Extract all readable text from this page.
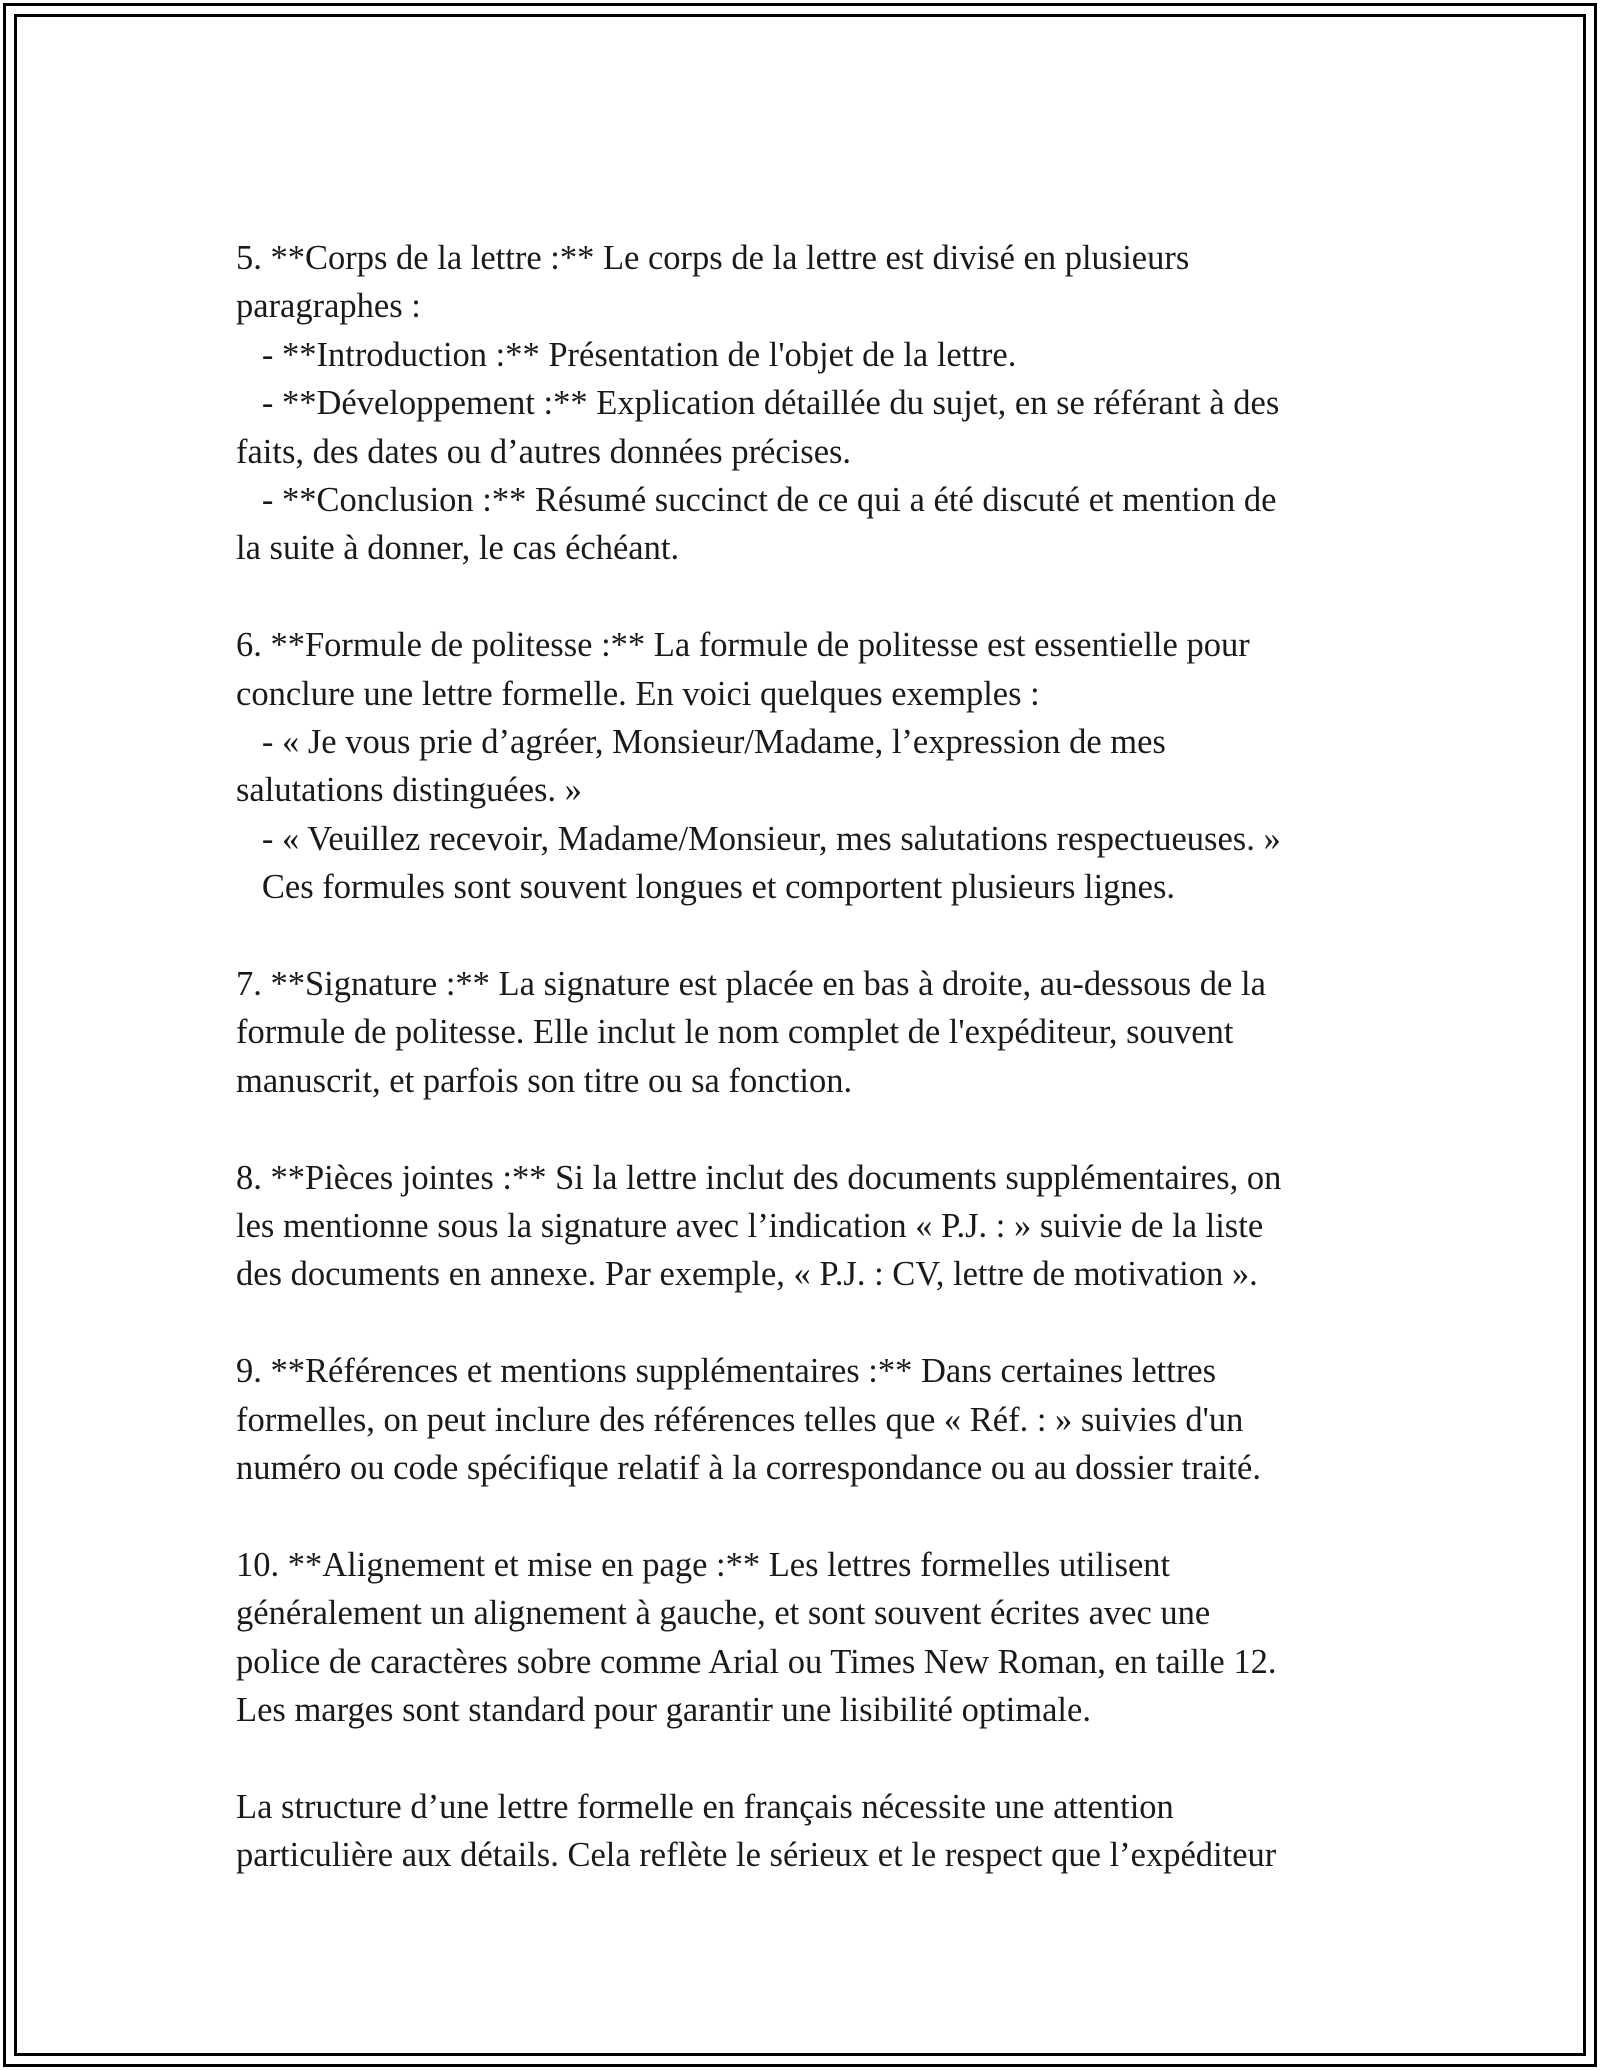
5. **Corps de la lettre :** Le corps de la lettre est divisé en plusieurs
paragraphes :
- **Introduction :** Présentation de l'objet de la lettre.
- **Développement :** Explication détaillée du sujet, en se référant à des
faits, des dates ou d’autres données précises.
- **Conclusion :** Résumé succinct de ce qui a été discuté et mention de
la suite à donner, le cas échéant.

6. **Formule de politesse :** La formule de politesse est essentielle pour
conclure une lettre formelle. En voici quelques exemples :
- « Je vous prie d’agréer, Monsieur/Madame, l’expression de mes
salutations distinguées. »
- « Veuillez recevoir, Madame/Monsieur, mes salutations respectueuses. »
Ces formules sont souvent longues et comportent plusieurs lignes.

7. **Signature :** La signature est placée en bas à droite, au-dessous de la
formule de politesse. Elle inclut le nom complet de l'expéditeur, souvent
manuscrit, et parfois son titre ou sa fonction.

8. **Pièces jointes :** Si la lettre inclut des documents supplémentaires, on
les mentionne sous la signature avec l’indication « P.J. : » suivie de la liste
des documents en annexe. Par exemple, « P.J. : CV, lettre de motivation ».

9. **Références et mentions supplémentaires :** Dans certaines lettres
formelles, on peut inclure des références telles que « Réf. : » suivies d'un
numéro ou code spécifique relatif à la correspondance ou au dossier traité.

10. **Alignement et mise en page :** Les lettres formelles utilisent
généralement un alignement à gauche, et sont souvent écrites avec une
police de caractères sobre comme Arial ou Times New Roman, en taille 12.
Les marges sont standard pour garantir une lisibilité optimale.

La structure d’une lettre formelle en français nécessite une attention
particulière aux détails. Cela reflète le sérieux et le respect que l’expéditeur
